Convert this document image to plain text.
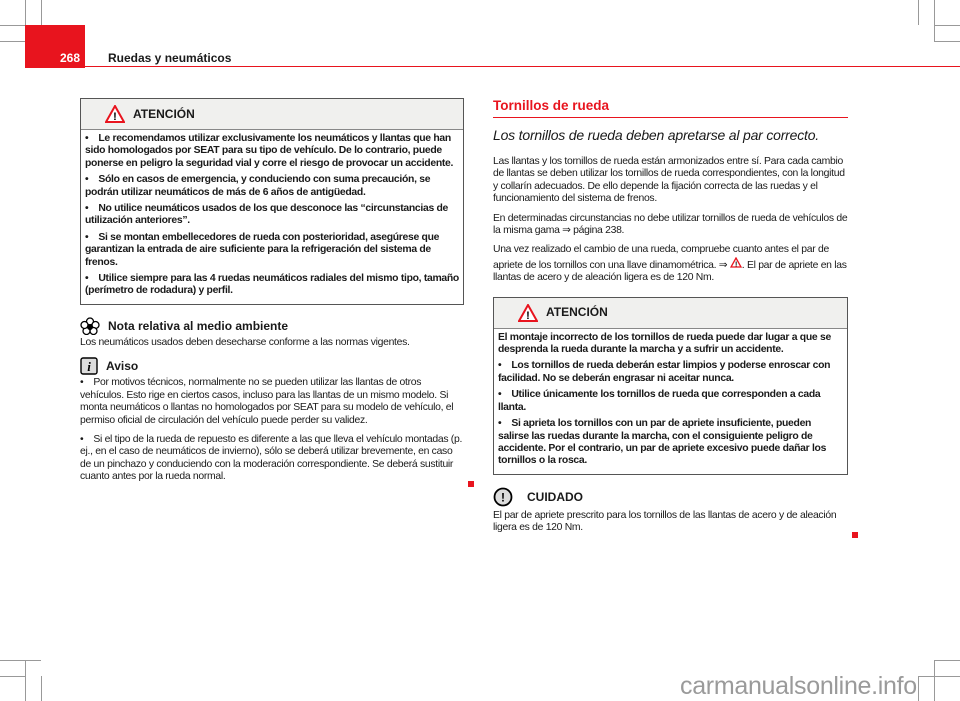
268 Ruedas y neumáticos
! ATENCIÓN

• Le recomendamos utilizar exclusivamente los neumáticos y llantas que han sido homologados por SEAT para su tipo de vehículo. De lo contrario, puede ponerse en peligro la seguridad vial y corre el riesgo de provocar un accidente.

• Sólo en casos de emergencia, y conduciendo con suma precaución, se podrán utilizar neumáticos de más de 6 años de antigüedad.

• No utilice neumáticos usados de los que desconoce las “circunstancias de utilización anteriores”.

• Si se montan embellecedores de rueda con posterioridad, asegúrese que garantizan la entrada de aire suficiente para la refrigeración del sistema de frenos.

• Utilice siempre para las 4 ruedas neumáticos radiales del mismo tipo, tamaño (perímetro de rodadura) y perfil.

Nota relativa al medio ambiente

Los neumáticos usados deben desecharse conforme a las normas vigentes.

i Aviso

• Por motivos técnicos, normalmente no se pueden utilizar las llantas de otros vehículos. Esto rige en ciertos casos, incluso para las llantas de un mismo modelo. Si monta neumáticos o llantas no homologados por SEAT para su modelo de vehículo, el permiso oficial de circulación del vehículo puede perder su validez.

• Si el tipo de la rueda de repuesto es diferente a las que lleva el vehículo montadas (p. ej., en el caso de neumáticos de invierno), sólo se deberá utilizar brevemente, en caso de un pinchazo y conduciendo con la moderación correspondiente. Se deberá sustituir cuanto antes por la rueda normal.

Tornillos de rueda
Los tornillos de rueda deben apretarse al par correcto.

Las llantas y los tornillos de rueda están armonizados entre sí. Para cada cambio de llantas se deben utilizar los tornillos de rueda correspondientes, con la longitud y collarín adecuados. De ello depende la fijación correcta de las ruedas y el funcionamiento del sistema de frenos.

En determinadas circunstancias no debe utilizar tornillos de rueda de vehículos de la misma gama ⇒ página 238.

Una vez realizado el cambio de una rueda, compruebe cuanto antes el par de apriete de los tornillos con una llave dinamométrica. ⇒ ! . El par de apriete en las llantas de acero y de aleación ligera es de 120 Nm.

! ATENCIÓN

El montaje incorrecto de los tornillos de rueda puede dar lugar a que se desprenda la rueda durante la marcha y a sufrir un accidente.

• Los tornillos de rueda deberán estar limpios y poderse enroscar con facilidad. No se deberán engrasar ni aceitar nunca.

• Utilice únicamente los tornillos de rueda que corresponden a cada llanta.

• Si aprieta los tornillos con un par de apriete insuficiente, pueden salirse las ruedas durante la marcha, con el consiguiente peligro de accidente. Por el contrario, un par de apriete excesivo puede dañar los tornillos o la rosca.

! CUIDADO

El par de apriete prescrito para los tornillos de las llantas de acero y de aleación ligera es de 120 Nm.

carmanualsonline.info
